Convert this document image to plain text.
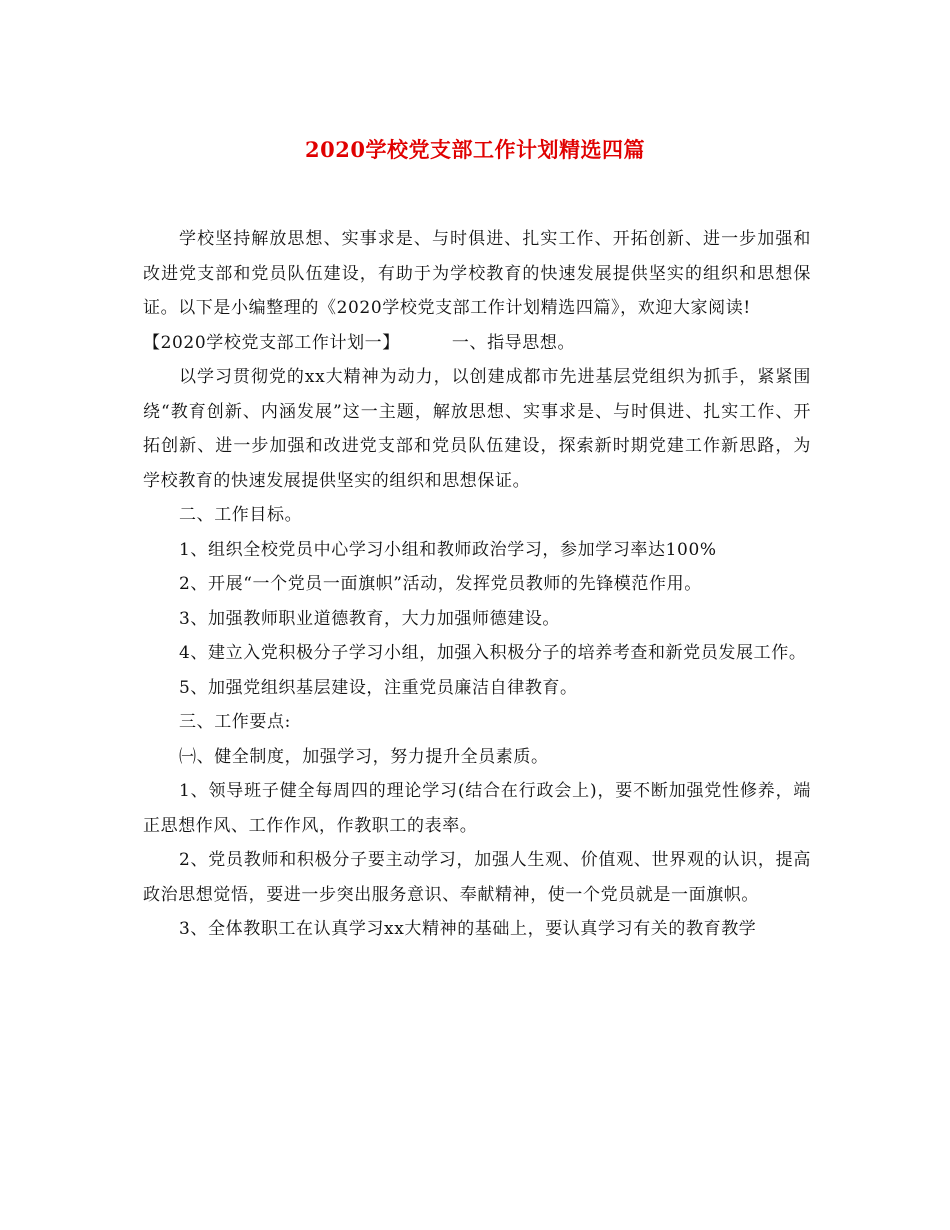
2020学校党支部工作计划精选四篇

学校坚持解放思想、实事求是、与时俱进、扎实工作、开拓创新、进一步加强和改进党支部和党员队伍建设，有助于为学校教育的快速发展提供坚实的组织和思想保证。以下是小编整理的《2020学校党支部工作计划精选四篇》，欢迎大家阅读!

【2020学校党支部工作计划一】	一、指导思想。

以学习贯彻党的xx大精神为动力，以创建成都市先进基层党组织为抓手，紧紧围绕“教育创新、内涵发展”这一主题，解放思想、实事求是、与时俱进、扎实工作、开拓创新、进一步加强和改进党支部和党员队伍建设，探索新时期党建工作新思路，为学校教育的快速发展提供坚实的组织和思想保证。

二、工作目标。

1、组织全校党员中心学习小组和教师政治学习，参加学习率达100%

2、开展“一个党员一面旗帜”活动，发挥党员教师的先锋模范作用。

3、加强教师职业道德教育，大力加强师德建设。

4、建立入党积极分子学习小组，加强入积极分子的培养考查和新党员发展工作。

5、加强党组织基层建设，注重党员廉洁自律教育。

三、工作要点:

㈠、健全制度，加强学习，努力提升全员素质。

1、领导班子健全每周四的理论学习(结合在行政会上)，要不断加强党性修养，端正思想作风、工作作风，作教职工的表率。

2、党员教师和积极分子要主动学习，加强人生观、价值观、世界观的认识，提高政治思想觉悟，要进一步突出服务意识、奉献精神，使一个党员就是一面旗帜。

3、全体教职工在认真学习xx大精神的基础上，要认真学习有关的教育教学
